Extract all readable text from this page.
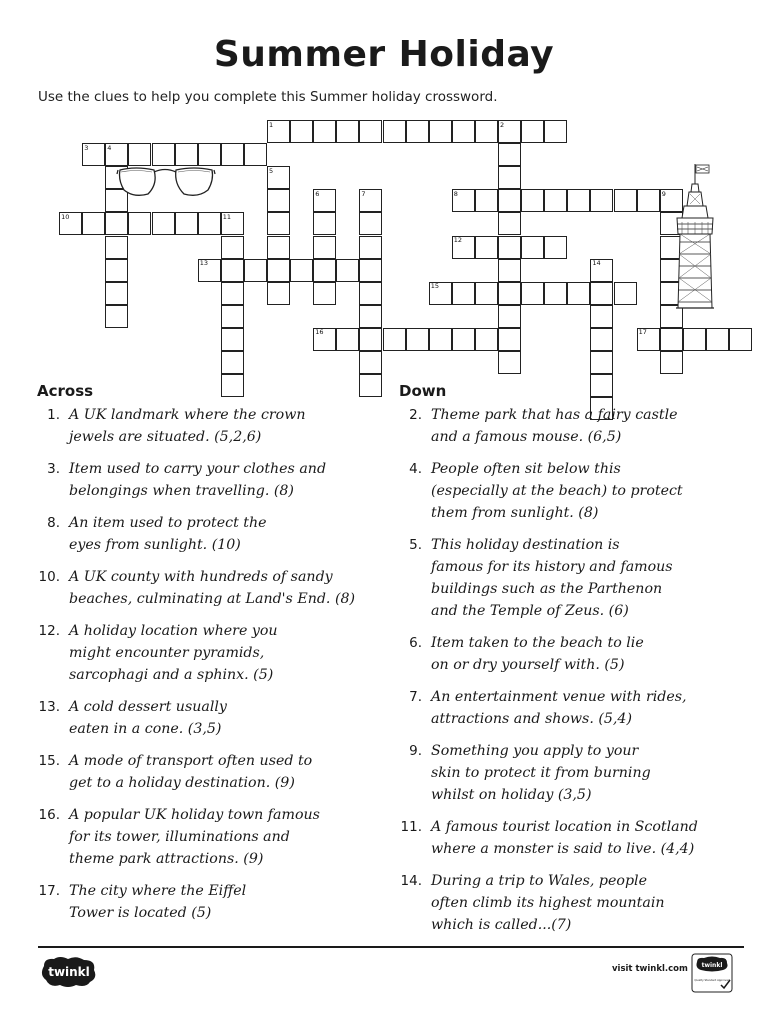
Summer Holiday
Use the clues to help you complete this Summer holiday crossword.
1	2
3	4
5
6	7	8	9
10	11
12
13	14
15
16	17
Across	Down
1. A UK landmark where the crown
jewels are situated. (5,2,6)
3. Item used to carry your clothes and
belongings when travelling. (8)
8. An item used to protect the
eyes from sunlight. (10)
10. A UK county with hundreds of sandy
beaches, culminating at Land's End. (8)
12. A holiday location where you
might encounter pyramids,
sarcophagi and a sphinx. (5)
13. A cold dessert usually
eaten in a cone. (3,5)
15. A mode of transport often used to
get to a holiday destination. (9)
16. A popular UK holiday town famous
for its tower, illuminations and
theme park attractions. (9)
17. The city where the Eiffel
Tower is located (5)
2. Theme park that has a fairy castle
and a famous mouse. (6,5)
4. People often sit below this
(especially at the beach) to protect
them from sunlight. (8)
5. This holiday destination is
famous for its history and famous
buildings such as the Parthenon
and the Temple of Zeus. (6)
6. Item taken to the beach to lie
on or dry yourself with. (5)
7. An entertainment venue with rides,
attractions and shows. (5,4)
9. Something you apply to your
skin to protect it from burning
whilst on holiday (3,5)
11. A famous tourist location in Scotland
where a monster is said to live. (4,4)
14. During a trip to Wales, people
often climb its highest mountain
which is called...(7)
twinkl	visit twinkl.com twinkl
Quality Standard Approved
